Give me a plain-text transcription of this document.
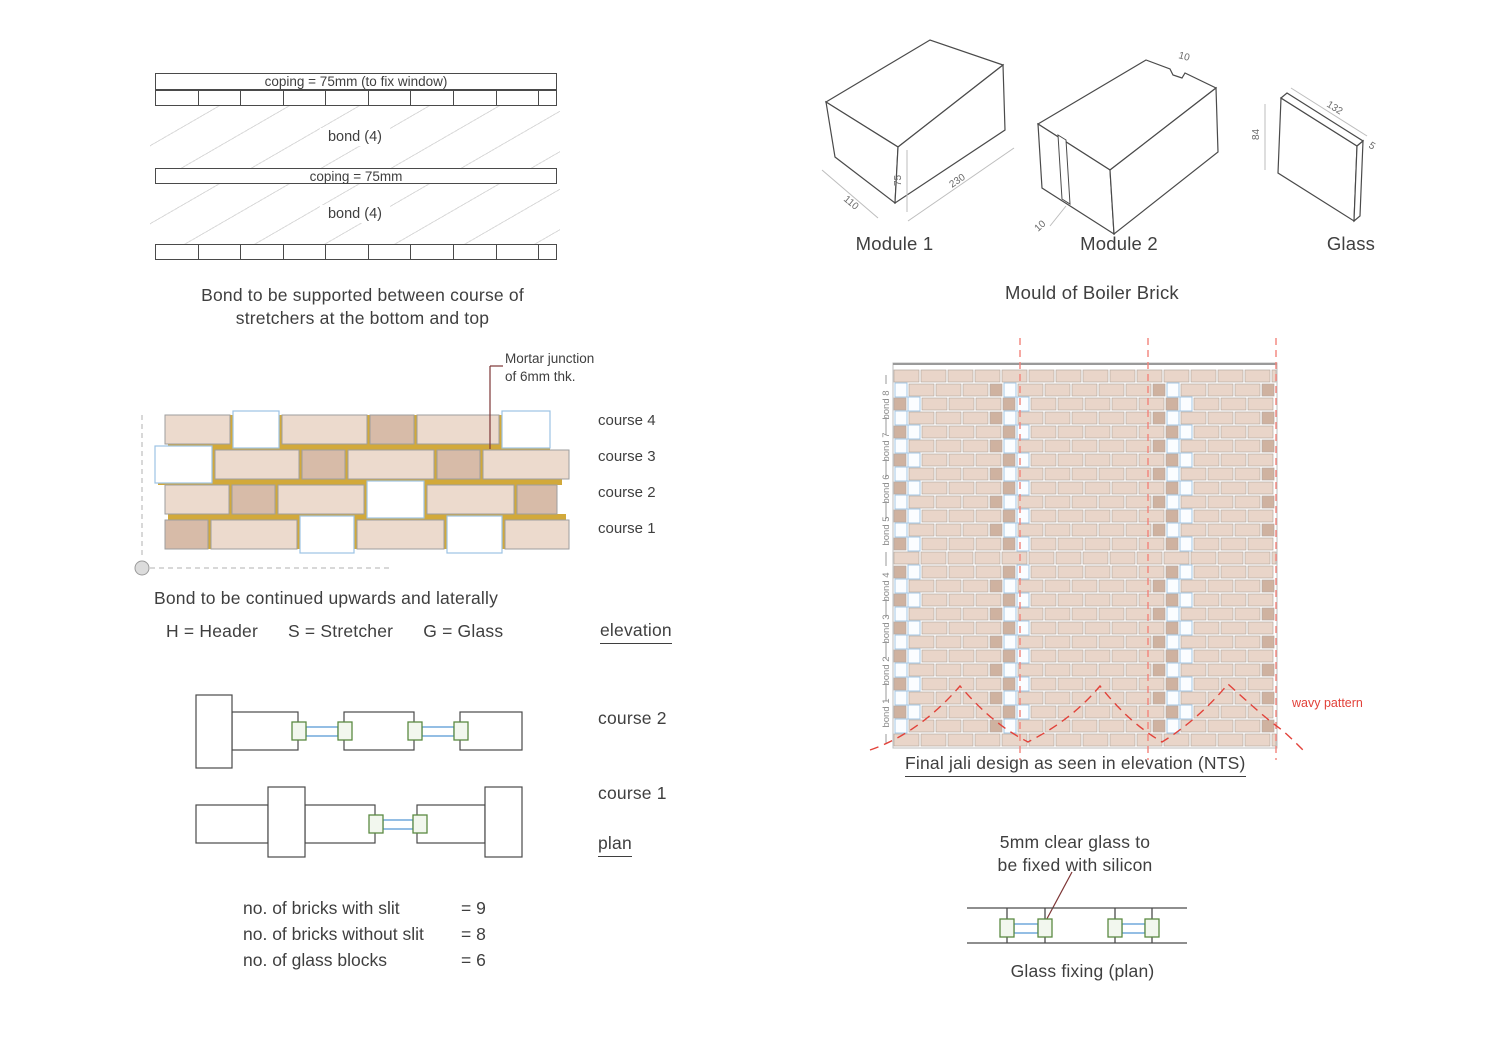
coping = 75mm (to fix window)
bond (4)
coping = 75mm
bond (4)
Bond to be supported between course of
stretchers at the bottom and top
Mortar junction
of 6mm thk.
course 4
course 3
course 2
course 1
Bond to be continued upwards and laterally
H = Header S = Stretcher G = Glass	elevation
course 2
course 1
plan
no. of bricks with slit	= 9
no. of bricks without slit	= 8
no. of glass blocks	= 6
110
75	230
10
10
84
132
5
Module 1	Module 2	Glass
Mould of Boiler Brick
bond 8
bond 7
bond 6
bond 5
bond 4
bond 3
bond 2
bond 1	wavy pattern
Final jali design as seen in elevation (NTS)
5mm clear glass to
be fixed with silicon
Glass fixing (plan)
